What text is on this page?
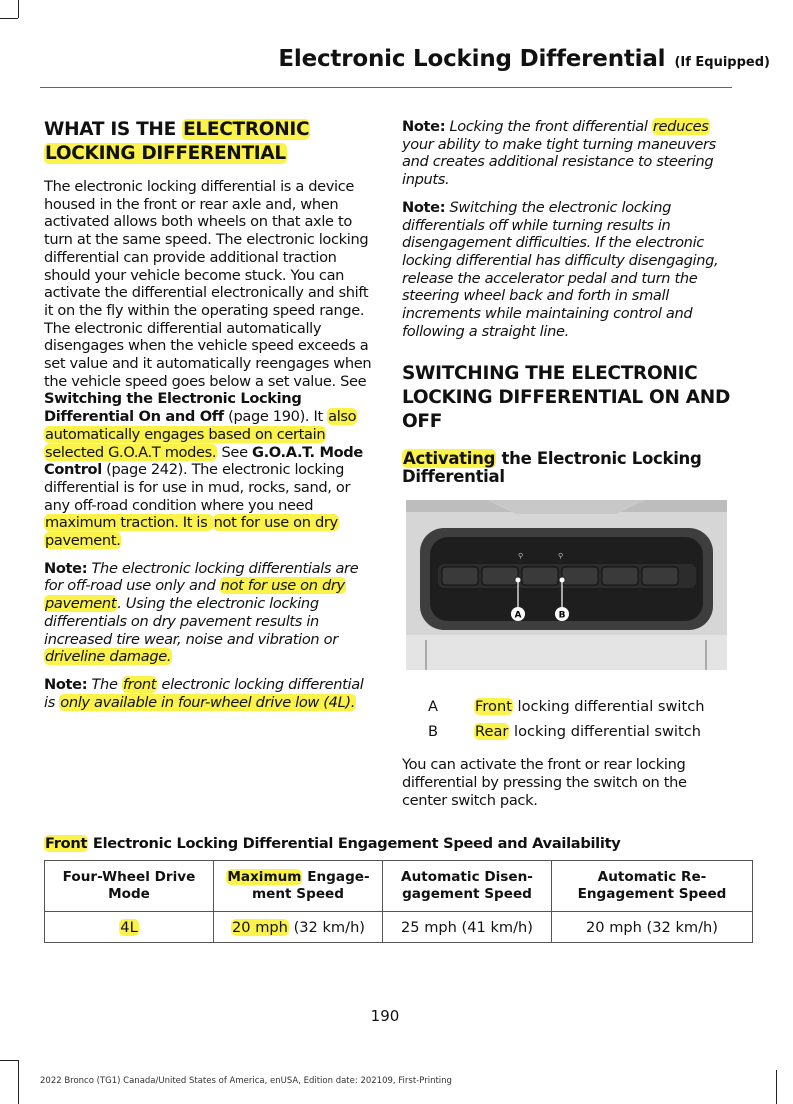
Electronic Locking Differential (If Equipped)
WHAT IS THE ELECTRONIC
LOCKING DIFFERENTIAL

The electronic locking differential is a device housed in the front or rear axle and, when activated allows both wheels on that axle to turn at the same speed. The electronic locking differential can provide additional traction should your vehicle become stuck. You can activate the differential electronically and shift it on the fly within the operating speed range. The electronic differential automatically disengages when the vehicle speed exceeds a set value and it automatically reengages when the vehicle speed goes below a set value. See Switching the Electronic Locking Differential On and Off (page 190). It also automatically engages based on certain selected G.O.A.T modes. See G.O.A.T. Mode Control (page 242). The electronic locking differential is for use in mud, rocks, sand, or any off-road condition where you need maximum traction. It is not for use on dry pavement.

Note: The electronic locking differentials are for off-road use only and not for use on dry pavement. Using the electronic locking differentials on dry pavement results in increased tire wear, noise and vibration or driveline damage.

Note: The front electronic locking differential is only available in four-wheel drive low (4L).

Note: Locking the front differential reduces your ability to make tight turning maneuvers and creates additional resistance to steering inputs.

Note: Switching the electronic locking differentials off while turning results in disengagement difficulties. If the electronic locking differential has difficulty disengaging, release the accelerator pedal and turn the steering wheel back and forth in small increments while maintaining control and following a straight line.

SWITCHING THE ELECTRONIC LOCKING DIFFERENTIAL ON AND OFF
Activating the Electronic Locking Differential
⚲	⚲
A	B
A	Front locking differential switch
B	Rear locking differential switch

You can activate the front or rear locking differential by pressing the switch on the center switch pack.

Front Electronic Locking Differential Engagement Speed and Availability
Four-Wheel Drive Mode	Maximum Engage-ment Speed	Automatic Disen-gagement Speed	Automatic Re-Engagement Speed
4L	20 mph (32 km/h)	25 mph (41 km/h)	20 mph (32 km/h)
190
2022 Bronco (TG1) Canada/United States of America, enUSA, Edition date: 202109, First-Printing
